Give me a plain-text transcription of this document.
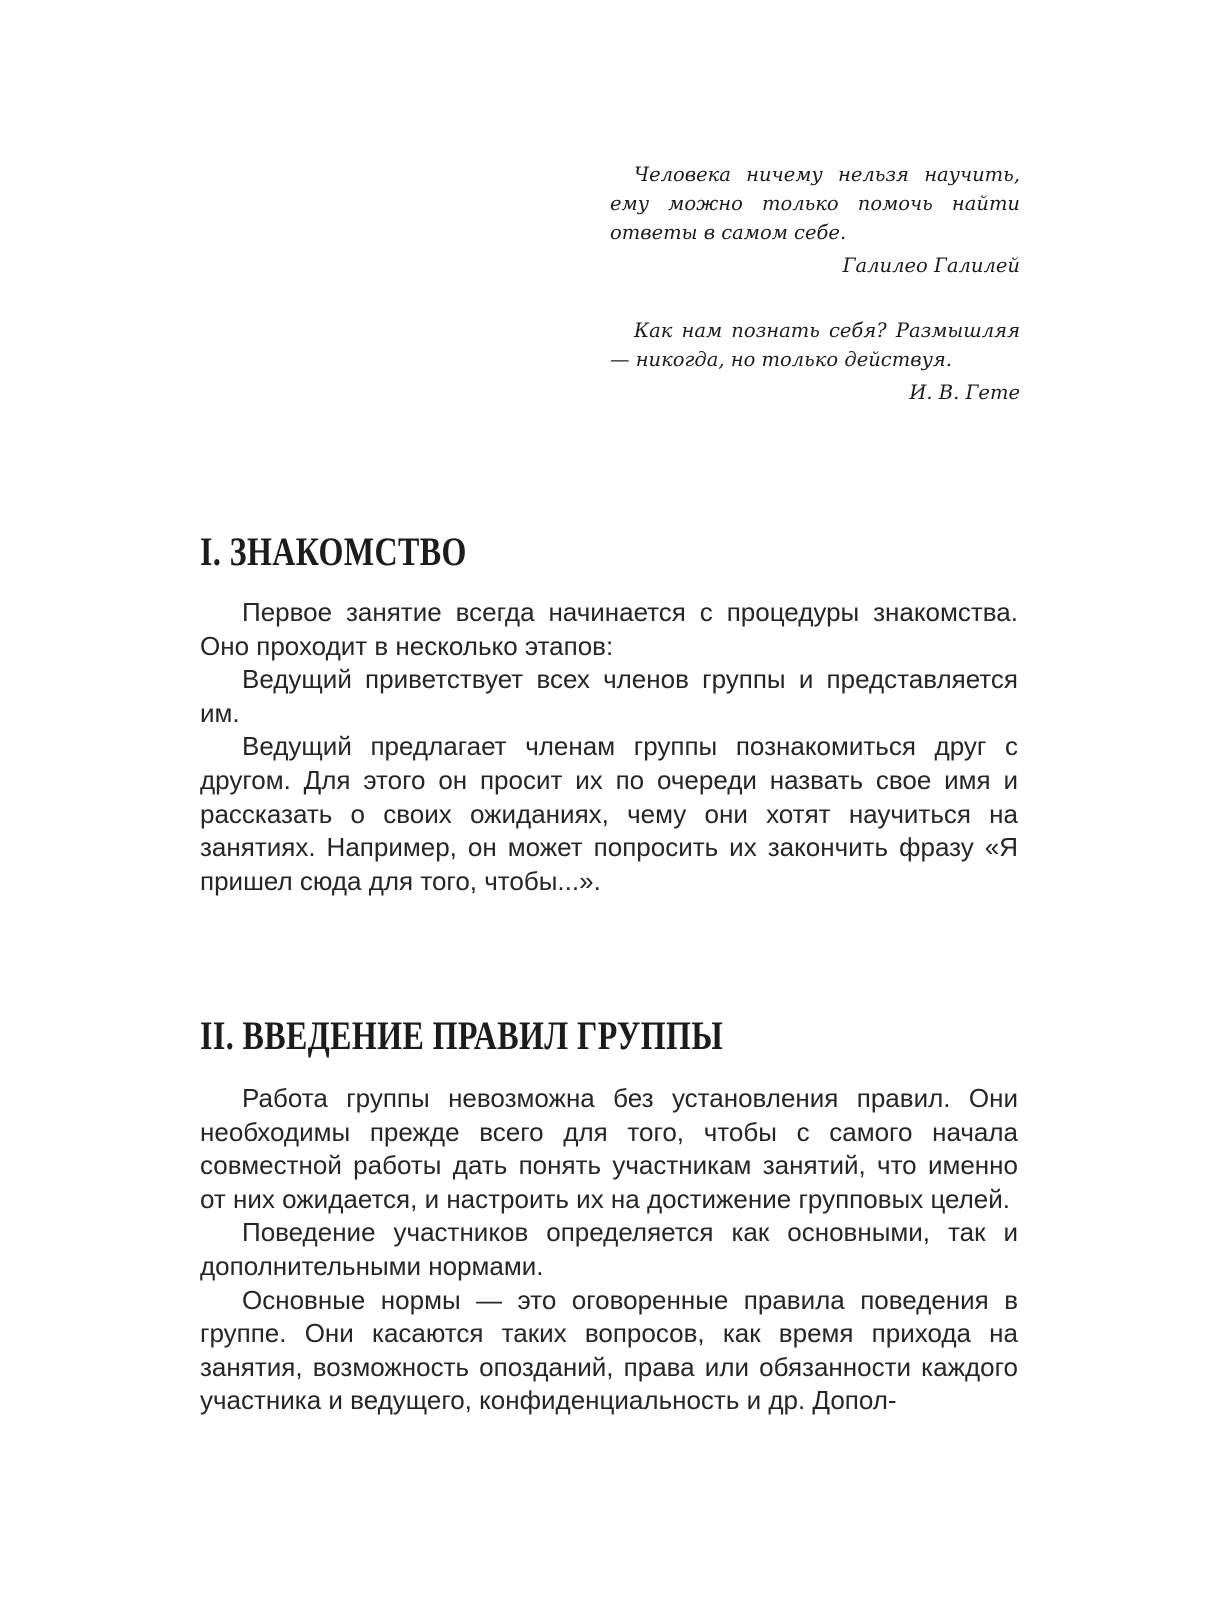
Человека ничему нельзя научить, ему можно только помочь найти ответы в самом себе.

Галилео Галилей

Как нам познать себя? Размышляя — никогда, но только действуя.

И. В. Гете

I. ЗНАКОМСТВО

Первое занятие всегда начинается с процедуры знакомства. Оно проходит в несколько этапов:

Ведущий приветствует всех членов группы и представляется им.

Ведущий предлагает членам группы познакомиться друг с другом. Для этого он просит их по очереди назвать свое имя и рассказать о своих ожиданиях, чему они хотят научиться на занятиях. Например, он может попросить их закончить фразу «Я пришел сюда для того, чтобы...».

II. ВВЕДЕНИЕ ПРАВИЛ ГРУППЫ

Работа группы невозможна без установления правил. Они необходимы прежде всего для того, чтобы с самого начала совместной работы дать понять участникам занятий, что именно от них ожидается, и настроить их на достижение групповых целей.

Поведение участников определяется как основными, так и дополнительными нормами.

Основные нормы — это оговоренные правила поведения в группе. Они касаются таких вопросов, как время прихода на занятия, возможность опозданий, права или обязанности каждого участника и ведущего, конфиденциальность и др. Допол-
